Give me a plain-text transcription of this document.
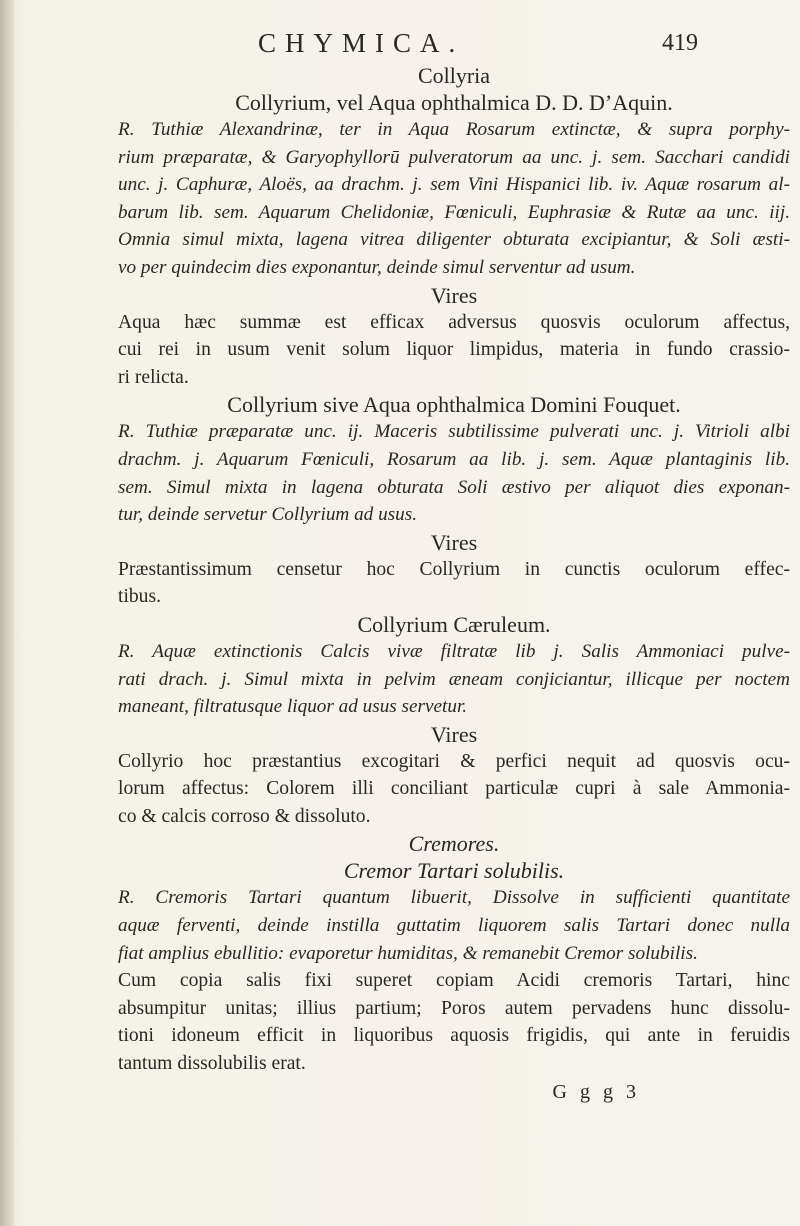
CHYMICA.	419
Collyria
Collyrium, vel Aqua ophthalmica D. D. D’Aquin.
R. Tuthiæ Alexandrinæ, ter in Aqua Rosarum extinctæ, & supra porphy-
rium præparatæ, & Garyophyllorū pulveratorum aa unc. j. sem. Sacchari candidi
unc. j. Caphuræ, Aloës, aa drachm. j. sem Vini Hispanici lib. iv. Aquæ rosarum al-
barum lib. sem. Aquarum Chelidoniæ, Fœniculi, Euphrasiæ & Rutæ aa unc. iij.
Omnia simul mixta, lagena vitrea diligenter obturata excipiantur, & Soli æsti-
vo per quindecim dies exponantur, deinde simul serventur ad usum.
Vires
Aqua hæc summæ est efficax adversus quosvis oculorum affectus,
cui rei in usum venit solum liquor limpidus, materia in fundo crassio-
ri relicta.
Collyrium sive Aqua ophthalmica Domini Fouquet.
R. Tuthiæ præparatæ unc. ij. Maceris subtilissime pulverati unc. j. Vitrioli albi
drachm. j. Aquarum Fœniculi, Rosarum aa lib. j. sem. Aquæ plantaginis lib.
sem. Simul mixta in lagena obturata Soli æstivo per aliquot dies exponan-
tur, deinde servetur Collyrium ad usus.
Vires
Præstantissimum censetur hoc Collyrium in cunctis oculorum effec-
tibus.
Collyrium Cæruleum.
R. Aquæ extinctionis Calcis vivæ filtratæ lib j. Salis Ammoniaci pulve-
rati drach. j. Simul mixta in pelvim æneam conjiciantur, illicque per noctem
maneant, filtratusque liquor ad usus servetur.
Vires
Collyrio hoc præstantius excogitari & perfici nequit ad quosvis ocu-
lorum affectus: Colorem illi conciliant particulæ cupri à sale Ammonia-
co & calcis corroso & dissoluto.
Cremores.
Cremor Tartari solubilis.
R. Cremoris Tartari quantum libuerit, Dissolve in sufficienti quantitate
aquæ ferventi, deinde instilla guttatim liquorem salis Tartari donec nulla
fiat amplius ebullitio: evaporetur humiditas, & remanebit Cremor solubilis.
Cum copia salis fixi superet copiam Acidi cremoris Tartari, hinc
absumpitur unitas; illius partium; Poros autem pervadens hunc dissolu-
tioni idoneum efficit in liquoribus aquosis frigidis, qui ante in feruidis
tantum dissolubilis erat.
G g g 3
